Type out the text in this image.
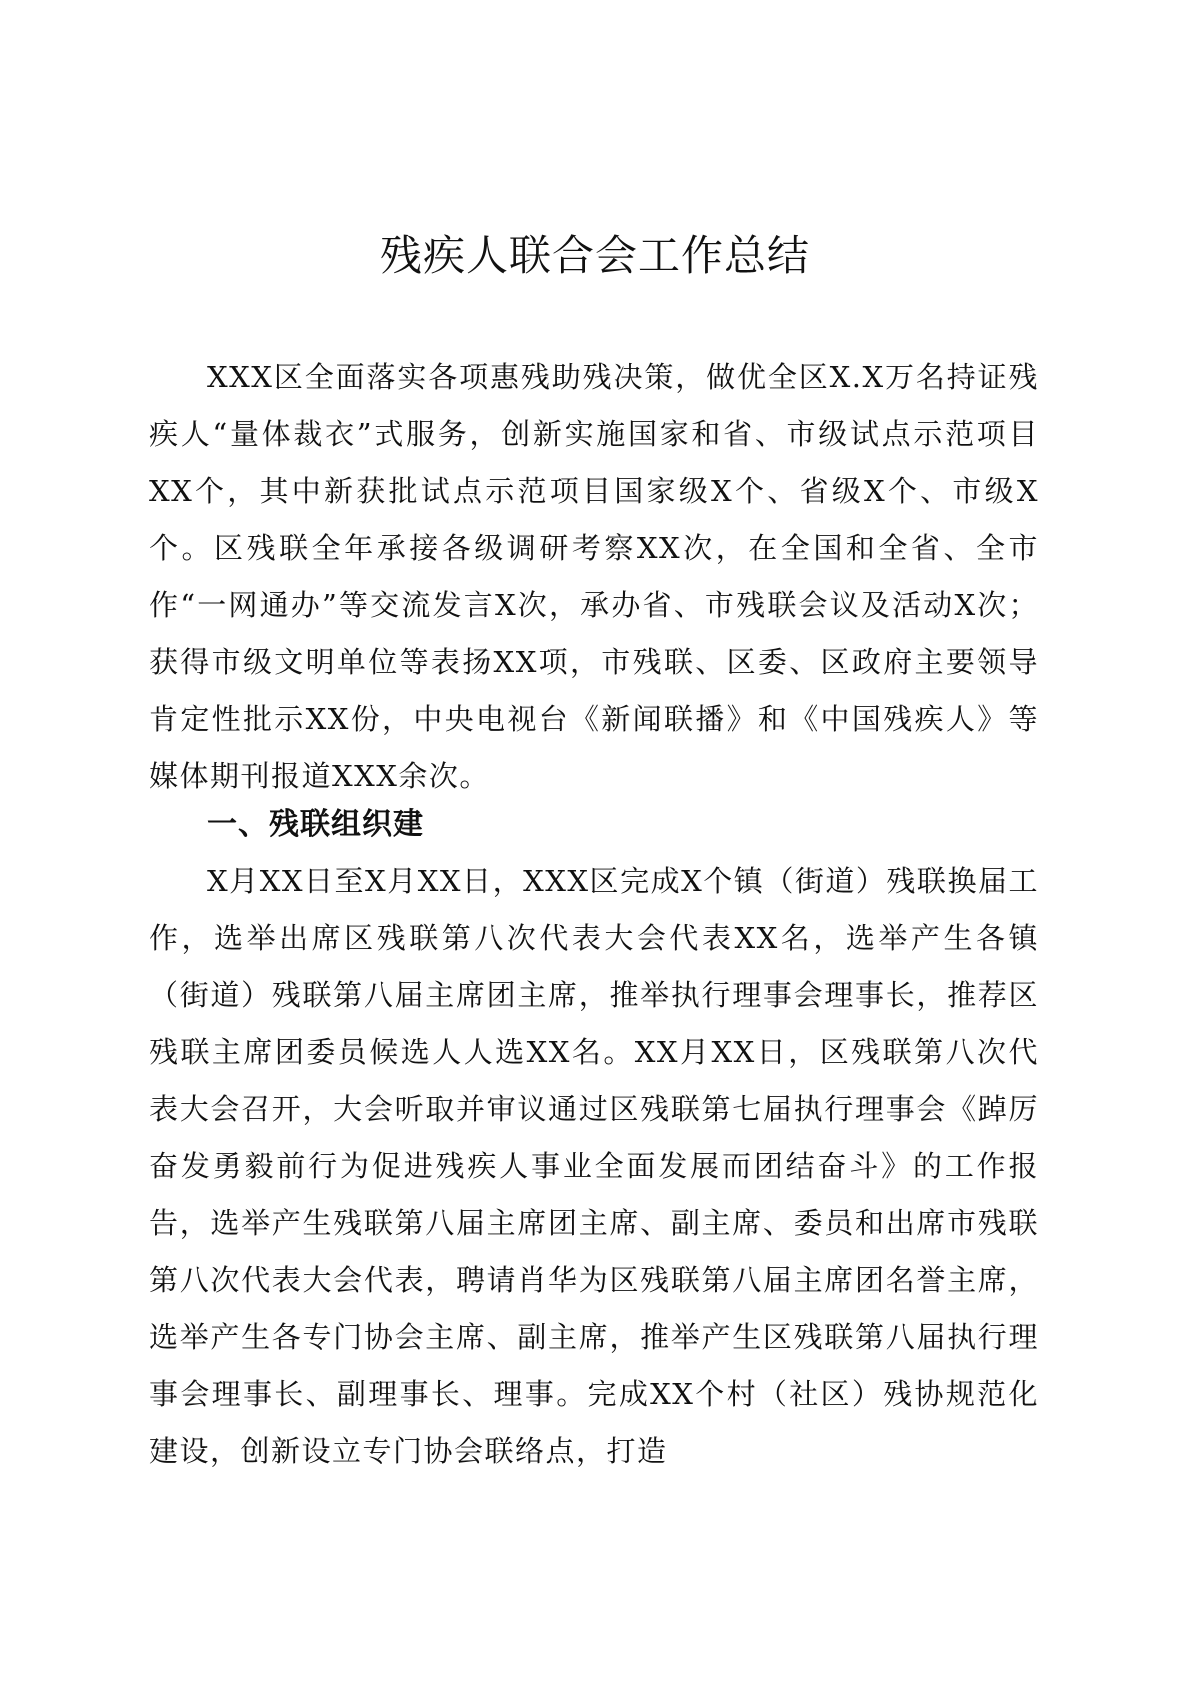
残疾人联合会工作总结

XXX区全面落实各项惠残助残决策，做优全区X.X万名持证残疾人“量体裁衣”式服务，创新实施国家和省、市级试点示范项目XX个，其中新获批试点示范项目国家级X个、省级X个、市级X个。区残联全年承接各级调研考察XX次，在全国和全省、全市作“一网通办”等交流发言X次，承办省、市残联会议及活动X次；获得市级文明单位等表扬XX项，市残联、区委、区政府主要领导肯定性批示XX份，中央电视台《新闻联播》和《中国残疾人》等媒体期刊报道XXX余次。

一、残联组织建

X月XX日至X月XX日，XXX区完成X个镇（街道）残联换届工作，选举出席区残联第八次代表大会代表XX名，选举产生各镇（街道）残联第八届主席团主席，推举执行理事会理事长，推荐区残联主席团委员候选人人选XX名。XX月XX日，区残联第八次代表大会召开，大会听取并审议通过区残联第七届执行理事会《踔厉奋发勇毅前行为促进残疾人事业全面发展而团结奋斗》的工作报告，选举产生残联第八届主席团主席、副主席、委员和出席市残联第八次代表大会代表，聘请肖华为区残联第八届主席团名誉主席，选举产生各专门协会主席、副主席，推举产生区残联第八届执行理事会理事长、副理事长、理事。完成XX个村（社区）残协规范化建设，创新设立专门协会联络点，打造
